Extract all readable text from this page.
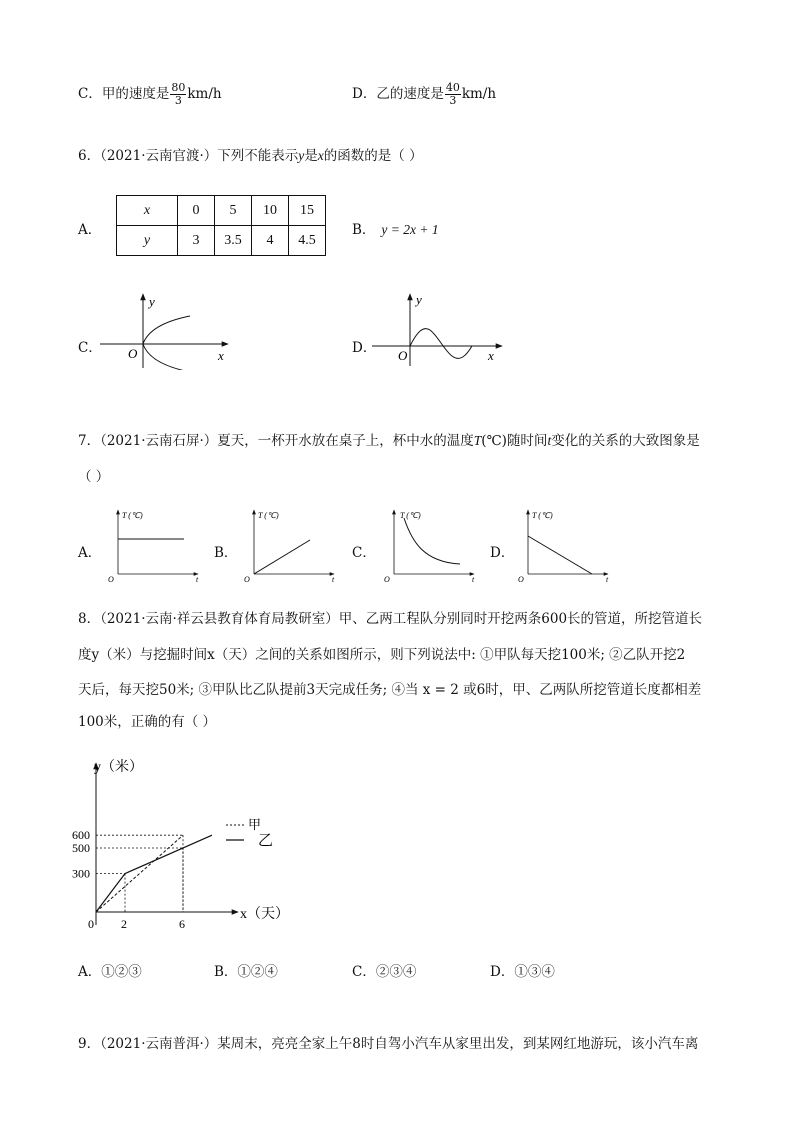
C．甲的速度是 $\frac{80}{3} km/h$	D．乙的速度是 $\frac{40}{3} km/h$
6．（2021·云南官渡·）下列不能表示y是x的函数的是（ ）
A．
x	0	5	10	15
y	3	3.5	4	4.5
B． y = 2x + 1
C．
y
x
O	D．
y
x
O
7．（2021·云南石屏·）夏天，一杯开水放在桌子上，杯中水的温度T(℃)随时间t变化的关系的大致图象是
（ ）
A．	B．	C．	D．
T (℃)
t
O
T (℃)
t
O
T (℃)
t
O
T (℃)
t
O
8．（2021·云南·祥云县教育体育局教研室）甲、乙两工程队分别同时开挖两条600长的管道，所挖管道长
度y（米）与挖掘时间x（天）之间的关系如图所示，则下列说法中: ①甲队每天挖100米; ②乙队开挖2
天后，每天挖50米; ③甲队比乙队提前3天完成任务; ④当 x = 2 或6时，甲、乙两队所挖管道长度都相差
100米，正确的有（ ）
y（米）
x（天）
600
500
300
0 2	6
甲
乙
A．①②③	B．①②④	C．②③④	D．①③④
9．（2021·云南普洱·）某周末，亮亮全家上午8时自驾小汽车从家里出发，到某网红地游玩，该小汽车离
